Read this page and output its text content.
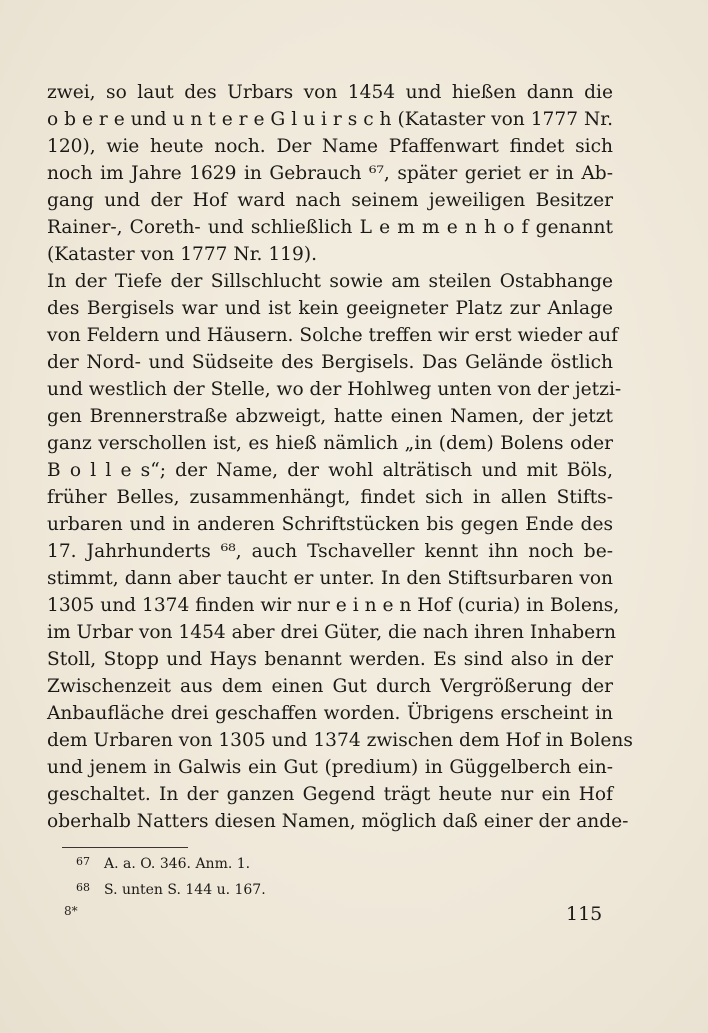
zwei, so laut des Urbars von 1454 und hießen dann die
o b e r e und u n t e r e G l u i r s c h (Kataster von 1777 Nr.
120), wie heute noch. Der Name Pfaffenwart findet sich
noch im Jahre 1629 in Gebrauch ⁶⁷, später geriet er in Ab-
gang und der Hof ward nach seinem jeweiligen Besitzer
Rainer-, Coreth- und schließlich L e m m e n h o f genannt
(Kataster von 1777 Nr. 119).
In der Tiefe der Sillschlucht sowie am steilen Ostabhange
des Bergisels war und ist kein geeigneter Platz zur Anlage
von Feldern und Häusern. Solche treffen wir erst wieder auf
der Nord- und Südseite des Bergisels. Das Gelände östlich
und westlich der Stelle, wo der Hohlweg unten von der jetzi-
gen Brennerstraße abzweigt, hatte einen Namen, der jetzt
ganz verschollen ist, es hieß nämlich „in (dem) Bolens oder
B o l l e s“; der Name, der wohl alträtisch und mit Böls,
früher Belles, zusammenhängt, findet sich in allen Stifts-
urbaren und in anderen Schriftstücken bis gegen Ende des
17. Jahrhunderts ⁶⁸, auch Tschaveller kennt ihn noch be-
stimmt, dann aber taucht er unter. In den Stiftsurbaren von
1305 und 1374 finden wir nur e i n e n Hof (curia) in Bolens,
im Urbar von 1454 aber drei Güter, die nach ihren Inhabern
Stoll, Stopp und Hays benannt werden. Es sind also in der
Zwischenzeit aus dem einen Gut durch Vergrößerung der
Anbaufläche drei geschaffen worden. Übrigens erscheint in
dem Urbaren von 1305 und 1374 zwischen dem Hof in Bolens
und jenem in Galwis ein Gut (predium) in Güggelberch ein-
geschaltet. In der ganzen Gegend trägt heute nur ein Hof
oberhalb Natters diesen Namen, möglich daß einer der ande-
67 A. a. O. 346. Anm. 1.
68 S. unten S. 144 u. 167.
8*	115
